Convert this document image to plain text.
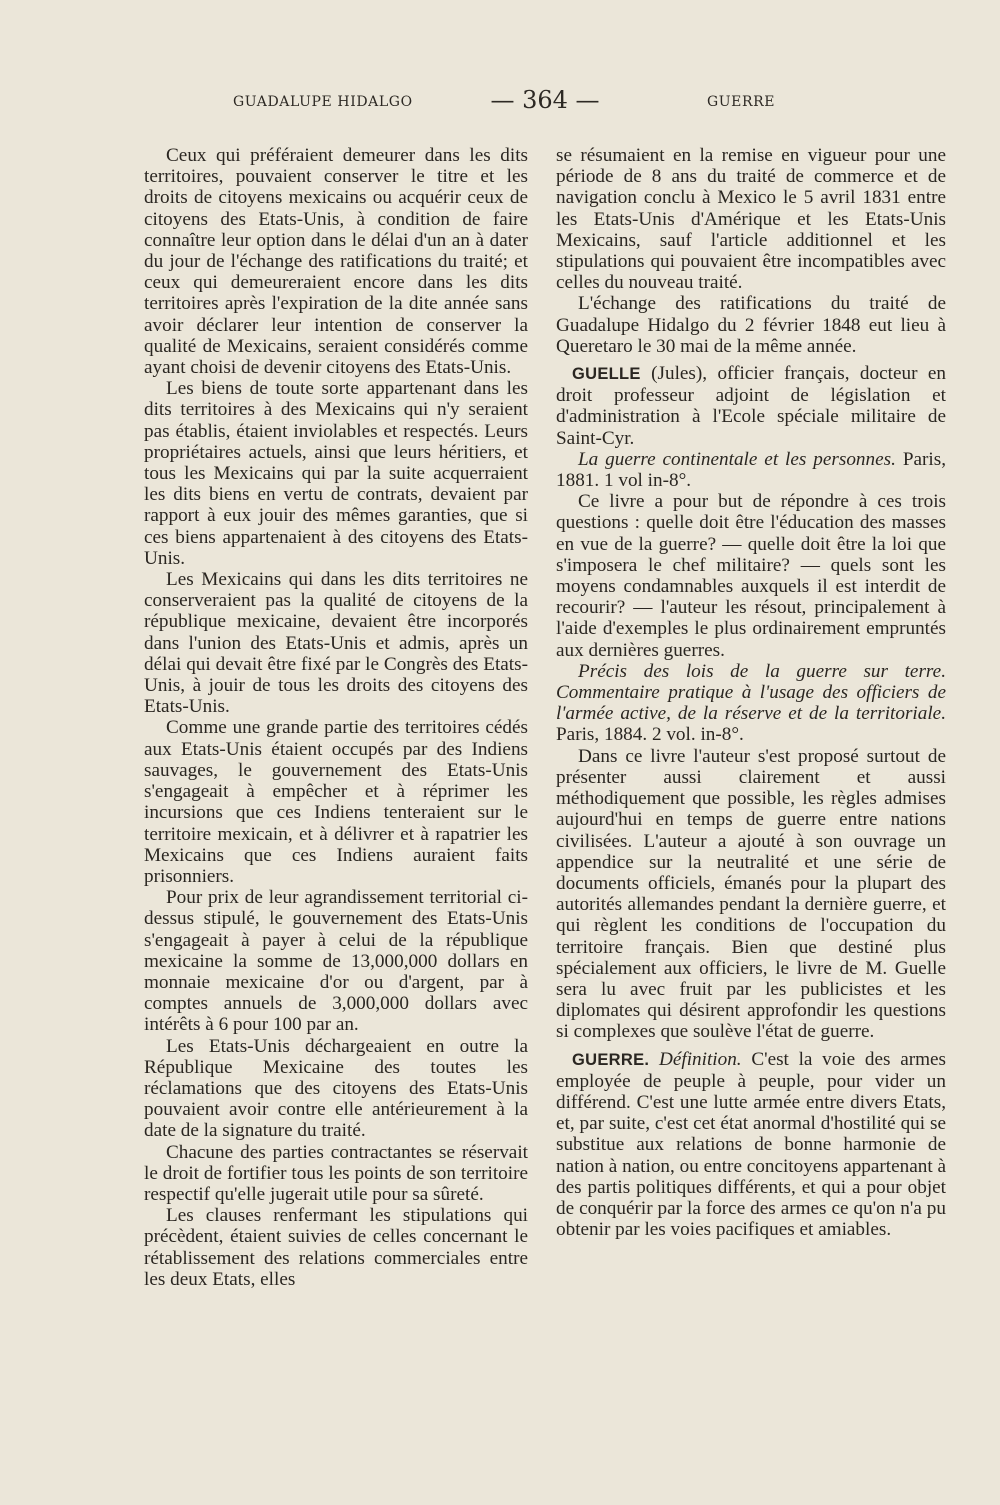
GUADALUPE HIDALGO	— 364 —	GUERRE

Ceux qui préféraient demeurer dans les dits territoires, pouvaient conserver le titre et les droits de citoyens mexicains ou acquérir ceux de citoyens des Etats-Unis, à condition de faire connaître leur option dans le délai d'un an à dater du jour de l'échange des ratifications du traité; et ceux qui demeureraient encore dans les dits territoires après l'expiration de la dite année sans avoir déclarer leur intention de conserver la qualité de Mexicains, seraient considérés comme ayant choisi de devenir citoyens des Etats-Unis.

Les biens de toute sorte appartenant dans les dits territoires à des Mexicains qui n'y seraient pas établis, étaient inviolables et respectés. Leurs propriétaires actuels, ainsi que leurs héritiers, et tous les Mexicains qui par la suite acquerraient les dits biens en vertu de contrats, devaient par rapport à eux jouir des mêmes garanties, que si ces biens appartenaient à des citoyens des Etats-Unis.

Les Mexicains qui dans les dits territoires ne conserveraient pas la qualité de citoyens de la république mexicaine, devaient être incorporés dans l'union des Etats-Unis et admis, après un délai qui devait être fixé par le Congrès des Etats-Unis, à jouir de tous les droits des citoyens des Etats-Unis.

Comme une grande partie des territoires cédés aux Etats-Unis étaient occupés par des Indiens sauvages, le gouvernement des Etats-Unis s'engageait à empêcher et à réprimer les incursions que ces Indiens tenteraient sur le territoire mexicain, et à délivrer et à rapatrier les Mexicains que ces Indiens auraient faits prisonniers.

Pour prix de leur agrandissement territorial ci-dessus stipulé, le gouvernement des Etats-Unis s'engageait à payer à celui de la république mexicaine la somme de 13,000,000 dollars en monnaie mexicaine d'or ou d'argent, par à comptes annuels de 3,000,000 dollars avec intérêts à 6 pour 100 par an.

Les Etats-Unis déchargeaient en outre la République Mexicaine des toutes les réclamations que des citoyens des Etats-Unis pouvaient avoir contre elle antérieurement à la date de la signature du traité.

Chacune des parties contractantes se réservait le droit de fortifier tous les points de son territoire respectif qu'elle jugerait utile pour sa sûreté.

Les clauses renfermant les stipulations qui précèdent, étaient suivies de celles concernant le rétablissement des relations commerciales entre les deux Etats, elles

se résumaient en la remise en vigueur pour une période de 8 ans du traité de commerce et de navigation conclu à Mexico le 5 avril 1831 entre les Etats-Unis d'Amérique et les Etats-Unis Mexicains, sauf l'article additionnel et les stipulations qui pouvaient être incompatibles avec celles du nouveau traité.

L'échange des ratifications du traité de Guadalupe Hidalgo du 2 février 1848 eut lieu à Queretaro le 30 mai de la même année.

GUELLE (Jules), officier français, docteur en droit professeur adjoint de législation et d'administration à l'Ecole spéciale militaire de Saint-Cyr.

La guerre continentale et les personnes. Paris, 1881. 1 vol in-8°.

Ce livre a pour but de répondre à ces trois questions : quelle doit être l'éducation des masses en vue de la guerre? — quelle doit être la loi que s'imposera le chef militaire? — quels sont les moyens condamnables auxquels il est interdit de recourir? — l'auteur les résout, principalement à l'aide d'exemples le plus ordinairement empruntés aux dernières guerres.

Précis des lois de la guerre sur terre. Commentaire pratique à l'usage des officiers de l'armée active, de la réserve et de la territoriale. Paris, 1884. 2 vol. in-8°.

Dans ce livre l'auteur s'est proposé surtout de présenter aussi clairement et aussi méthodiquement que possible, les règles admises aujourd'hui en temps de guerre entre nations civilisées. L'auteur a ajouté à son ouvrage un appendice sur la neutralité et une série de documents officiels, émanés pour la plupart des autorités allemandes pendant la dernière guerre, et qui règlent les conditions de l'occupation du territoire français. Bien que destiné plus spécialement aux officiers, le livre de M. Guelle sera lu avec fruit par les publicistes et les diplomates qui désirent approfondir les questions si complexes que soulève l'état de guerre.

GUERRE. Définition. C'est la voie des armes employée de peuple à peuple, pour vider un différend. C'est une lutte armée entre divers Etats, et, par suite, c'est cet état anormal d'hostilité qui se substitue aux relations de bonne harmonie de nation à nation, ou entre concitoyens appartenant à des partis politiques différents, et qui a pour objet de conquérir par la force des armes ce qu'on n'a pu obtenir par les voies pacifiques et amiables.
